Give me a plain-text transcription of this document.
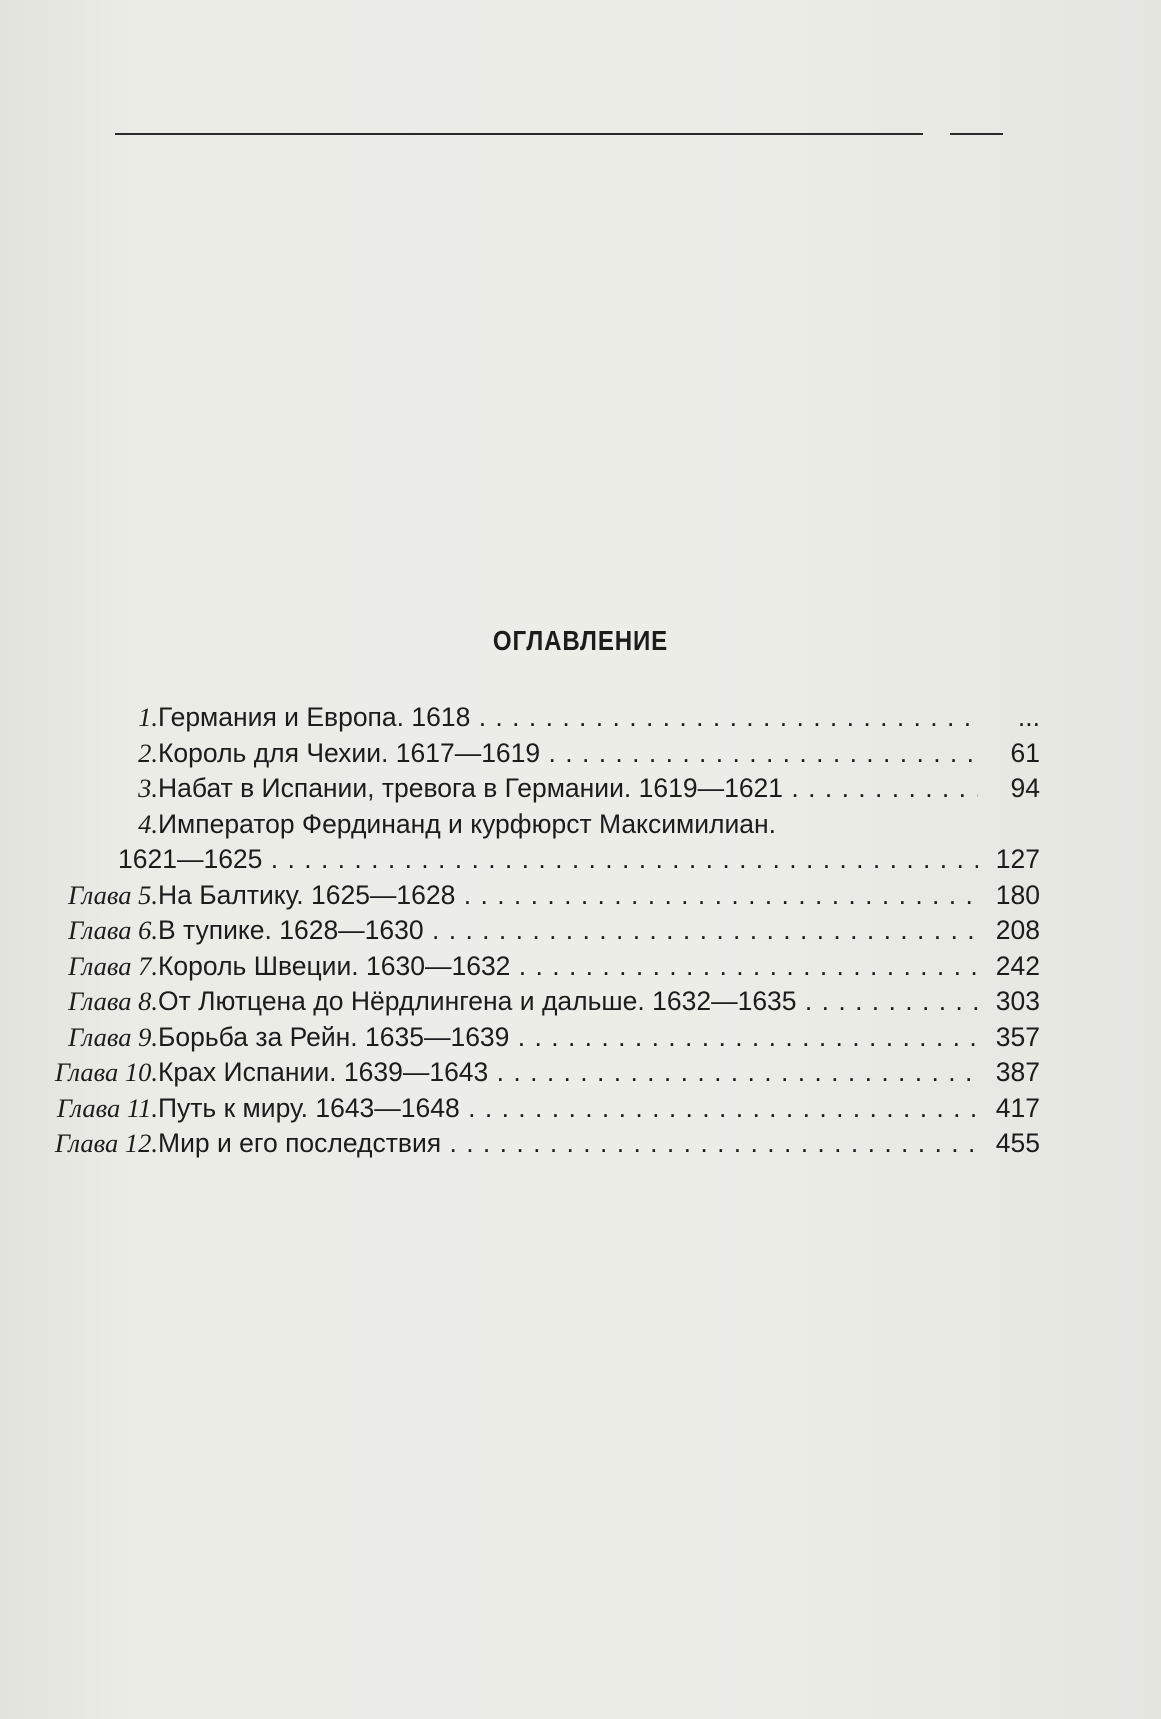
ОГЛАВЛЕНИЕ
1. Германия и Европа. 1618 . . .	...
2. Король для Чехии. 1617—1619 . . .	61
3. Набат в Испании, тревога в Германии. 1619—1621 . . .	94
4. Император Фердинанд и курфюрст Максимилиан.
1621—1625 . . .	127
Глава 5. На Балтику. 1625—1628 . . .	180
Глава 6. В тупике. 1628—1630 . . .	208
Глава 7. Король Швеции. 1630—1632 . . .	242
Глава 8. От Лютцена до Нёрдлингена и дальше. 1632—1635 . . .	303
Глава 9. Борьба за Рейн. 1635—1639 . . .	357
Глава 10. Крах Испании. 1639—1643 . . .	387
Глава 11. Путь к миру. 1643—1648 . . .	417
Глава 12. Мир и его последствия . . .	455
